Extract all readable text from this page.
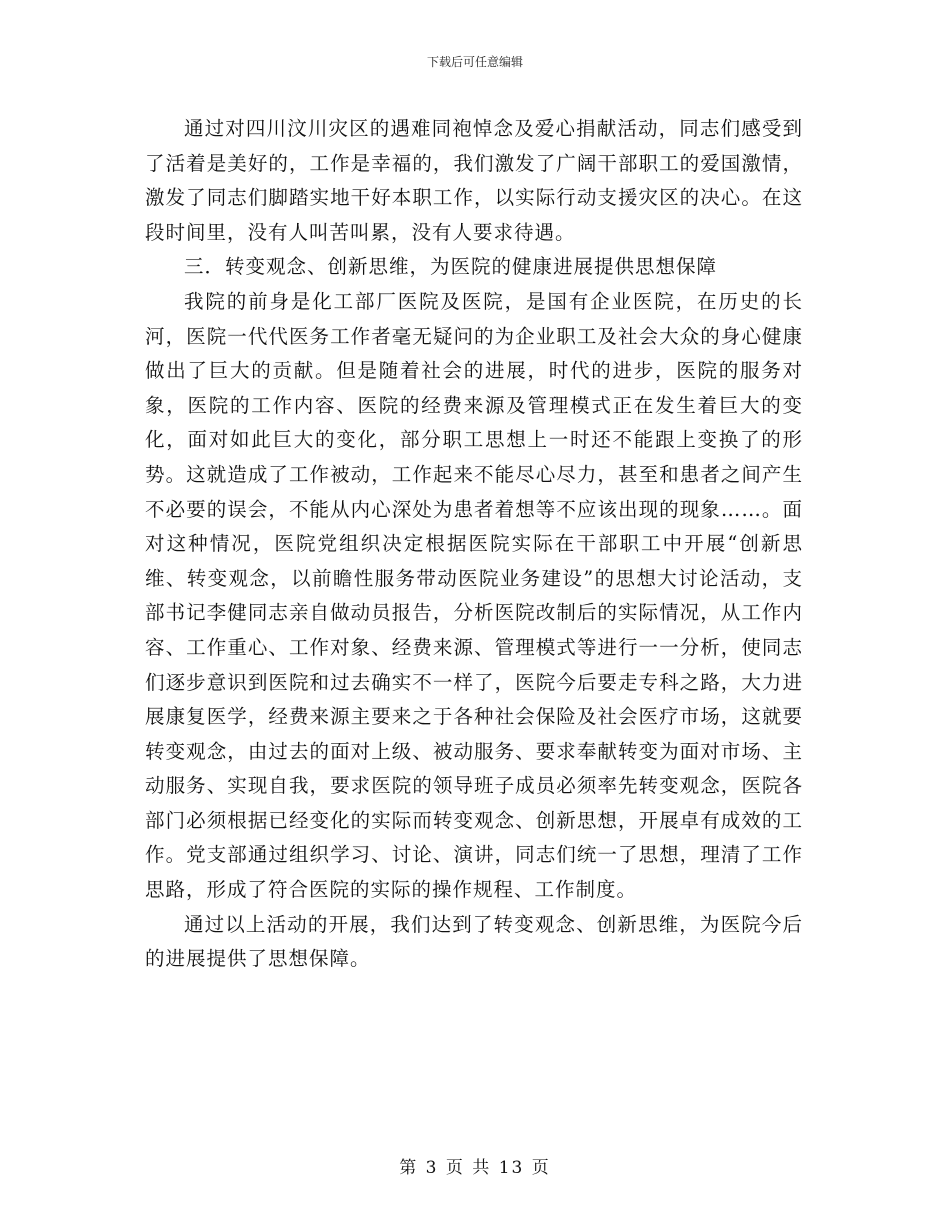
下载后可任意编辑

通过对四川汶川灾区的遇难同袍悼念及爱心捐献活动，同志们感受到了活着是美好的，工作是幸福的，我们激发了广阔干部职工的爱国激情，激发了同志们脚踏实地干好本职工作，以实际行动支援灾区的决心。在这段时间里，没有人叫苦叫累，没有人要求待遇。

三．转变观念、创新思维，为医院的健康进展提供思想保障

我院的前身是化工部厂医院及医院，是国有企业医院，在历史的长河，医院一代代医务工作者毫无疑问的为企业职工及社会大众的身心健康做出了巨大的贡献。但是随着社会的进展，时代的进步，医院的服务对象，医院的工作内容、医院的经费来源及管理模式正在发生着巨大的变化，面对如此巨大的变化，部分职工思想上一时还不能跟上变换了的形势。这就造成了工作被动，工作起来不能尽心尽力，甚至和患者之间产生不必要的误会，不能从内心深处为患者着想等不应该出现的现象……。面对这种情况，医院党组织决定根据医院实际在干部职工中开展“创新思维、转变观念，以前瞻性服务带动医院业务建设”的思想大讨论活动，支部书记李健同志亲自做动员报告，分析医院改制后的实际情况，从工作内容、工作重心、工作对象、经费来源、管理模式等进行一一分析，使同志们逐步意识到医院和过去确实不一样了，医院今后要走专科之路，大力进展康复医学，经费来源主要来之于各种社会保险及社会医疗市场，这就要转变观念，由过去的面对上级、被动服务、要求奉献转变为面对市场、主动服务、实现自我，要求医院的领导班子成员必须率先转变观念，医院各部门必须根据已经变化的实际而转变观念、创新思想，开展卓有成效的工作。党支部通过组织学习、讨论、演讲，同志们统一了思想，理清了工作思路，形成了符合医院的实际的操作规程、工作制度。

通过以上活动的开展，我们达到了转变观念、创新思维，为医院今后的进展提供了思想保障。

第 3 页 共 13 页
